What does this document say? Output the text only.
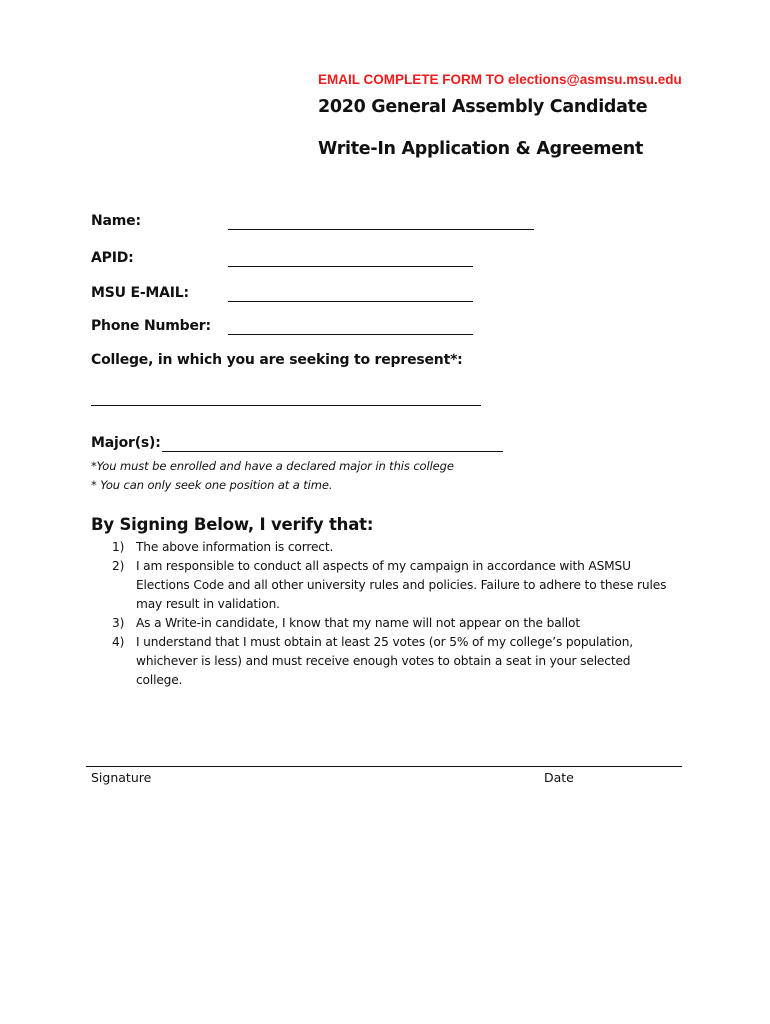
EMAIL COMPLETE FORM TO elections@asmsu.msu.edu
2020 General Assembly Candidate
Write-In Application & Agreement
Name:
APID:
MSU E-MAIL:
Phone Number:
College, in which you are seeking to represent*:
Major(s):
*You must be enrolled and have a declared major in this college
* You can only seek one position at a time.
By Signing Below, I verify that:
1) The above information is correct.
2) I am responsible to conduct all aspects of my campaign in accordance with ASMSU Elections Code and all other university rules and policies. Failure to adhere to these rules may result in validation.
3) As a Write-in candidate, I know that my name will not appear on the ballot
4) I understand that I must obtain at least 25 votes (or 5% of my college’s population, whichever is less) and must receive enough votes to obtain a seat in your selected college.
Signature	Date
